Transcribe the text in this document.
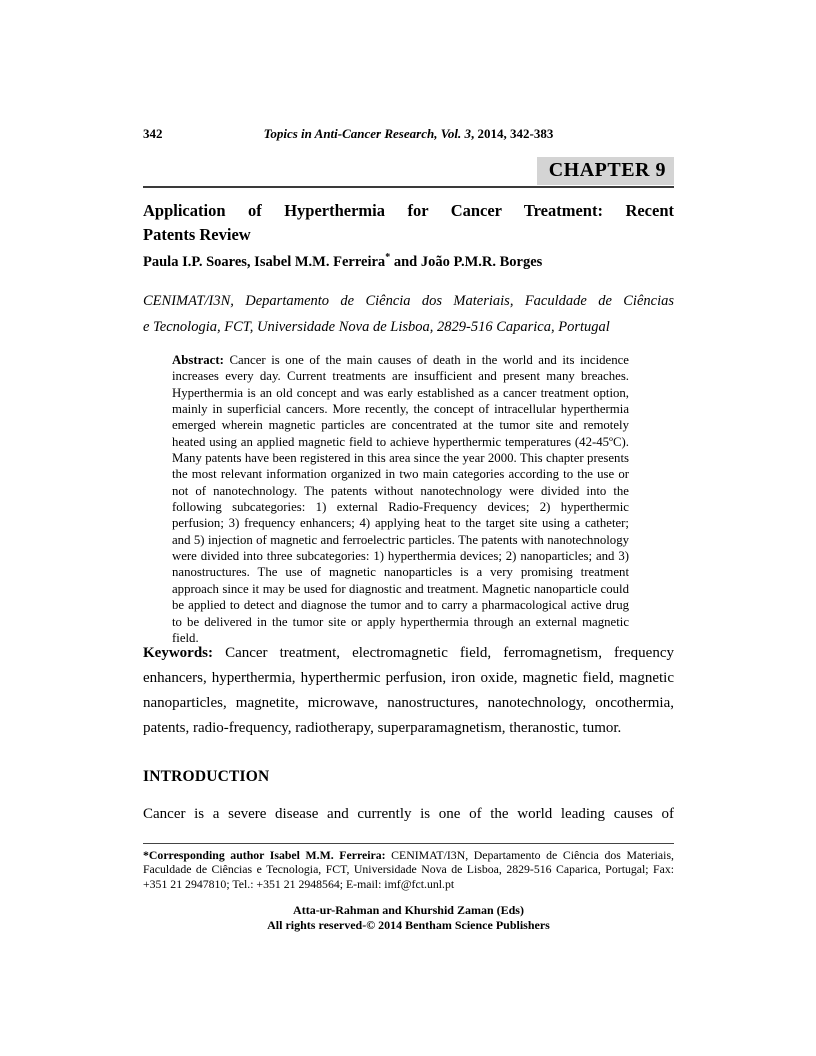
342	Topics in Anti-Cancer Research, Vol. 3, 2014, 342-383
CHAPTER 9
Application of Hyperthermia for Cancer Treatment: Recent
Patents Review
Paula I.P. Soares, Isabel M.M. Ferreira* and João P.M.R. Borges
CENIMAT/I3N, Departamento de Ciência dos Materiais, Faculdade de Ciências
e Tecnologia, FCT, Universidade Nova de Lisboa, 2829-516 Caparica, Portugal

Abstract: Cancer is one of the main causes of death in the world and its incidence increases every day. Current treatments are insufficient and present many breaches. Hyperthermia is an old concept and was early established as a cancer treatment option, mainly in superficial cancers. More recently, the concept of intracellular hyperthermia emerged wherein magnetic particles are concentrated at the tumor site and remotely heated using an applied magnetic field to achieve hyperthermic temperatures (42-45ºC). Many patents have been registered in this area since the year 2000. This chapter presents the most relevant information organized in two main categories according to the use or not of nanotechnology. The patents without nanotechnology were divided into the following subcategories: 1) external Radio-Frequency devices; 2) hyperthermic perfusion; 3) frequency enhancers; 4) applying heat to the target site using a catheter; and 5) injection of magnetic and ferroelectric particles. The patents with nanotechnology were divided into three subcategories: 1) hyperthermia devices; 2) nanoparticles; and 3) nanostructures. The use of magnetic nanoparticles is a very promising treatment approach since it may be used for diagnostic and treatment. Magnetic nanoparticle could be applied to detect and diagnose the tumor and to carry a pharmacological active drug to be delivered in the tumor site or apply hyperthermia through an external magnetic field.

Keywords: Cancer treatment, electromagnetic field, ferromagnetism, frequency enhancers, hyperthermia, hyperthermic perfusion, iron oxide, magnetic field, magnetic nanoparticles, magnetite, microwave, nanostructures, nanotechnology, oncothermia, patents, radio-frequency, radiotherapy, superparamagnetism, theranostic, tumor.

INTRODUCTION

Cancer is a severe disease and currently is one of the world leading causes of

*Corresponding author Isabel M.M. Ferreira: CENIMAT/I3N, Departamento de Ciência dos Materiais, Faculdade de Ciências e Tecnologia, FCT, Universidade Nova de Lisboa, 2829-516 Caparica, Portugal; Fax: +351 21 2947810; Tel.: +351 21 2948564; E-mail: imf@fct.unl.pt

Atta-ur-Rahman and Khurshid Zaman (Eds)
All rights reserved-© 2014 Bentham Science Publishers
